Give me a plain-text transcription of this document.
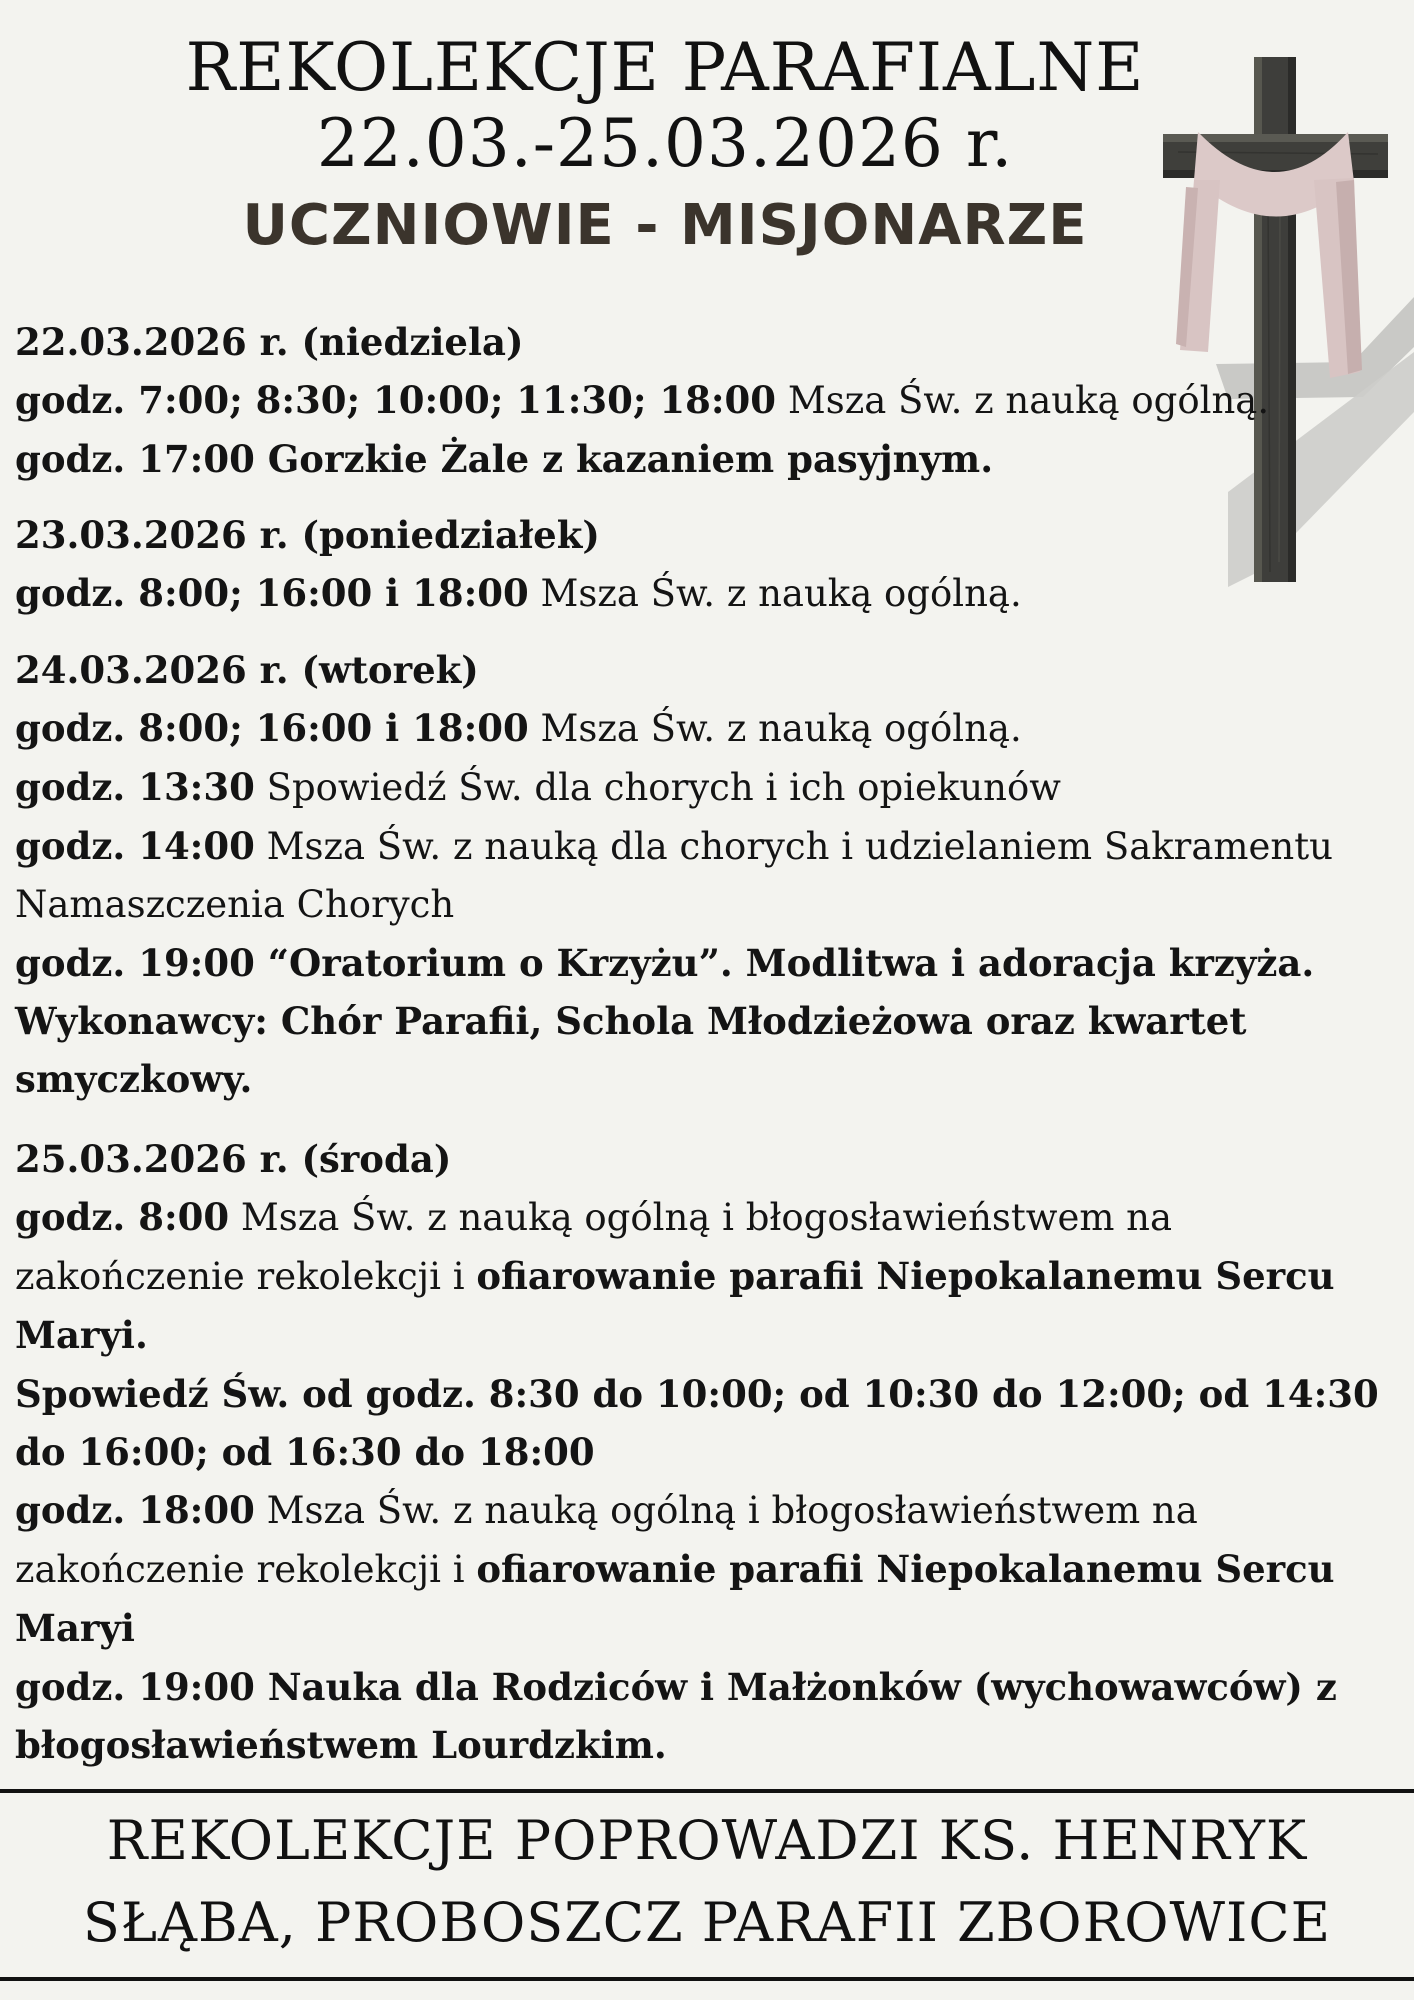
REKOLEKCJE PARAFIALNE
22.03.-25.03.2026 r.
UCZNIOWIE - MISJONARZE
22.03.2026 r. (niedziela)
godz. 7:00; 8:30; 10:00; 11:30; 18:00 Msza Św. z nauką ogólną.
godz. 17:00 Gorzkie Żale z kazaniem pasyjnym.
23.03.2026 r. (poniedziałek)
godz. 8:00; 16:00 i 18:00 Msza Św. z nauką ogólną.
24.03.2026 r. (wtorek)
godz. 8:00; 16:00 i 18:00 Msza Św. z nauką ogólną.
godz. 13:30 Spowiedź Św. dla chorych i ich opiekunów
godz. 14:00 Msza Św. z nauką dla chorych i udzielaniem Sakramentu Namaszczenia Chorych
godz. 19:00 “Oratorium o Krzyżu”. Modlitwa i adoracja krzyża. Wykonawcy: Chór Parafii, Schola Młodzieżowa oraz kwartet smyczkowy.
25.03.2026 r. (środa)
godz. 8:00 Msza Św. z nauką ogólną i błogosławieństwem na zakończenie rekolekcji i ofiarowanie parafii Niepokalanemu Sercu Maryi.
Spowiedź Św. od godz. 8:30 do 10:00; od 10:30 do 12:00; od 14:30 do 16:00; od 16:30 do 18:00
godz. 18:00 Msza Św. z nauką ogólną i błogosławieństwem na zakończenie rekolekcji i ofiarowanie parafii Niepokalanemu Sercu Maryi
godz. 19:00 Nauka dla Rodziców i Małżonków (wychowawców) z błogosławieństwem Lourdzkim.
REKOLEKCJE POPROWADZI KS. HENRYK
SŁĄBA, PROBOSZCZ PARAFII ZBOROWICE
